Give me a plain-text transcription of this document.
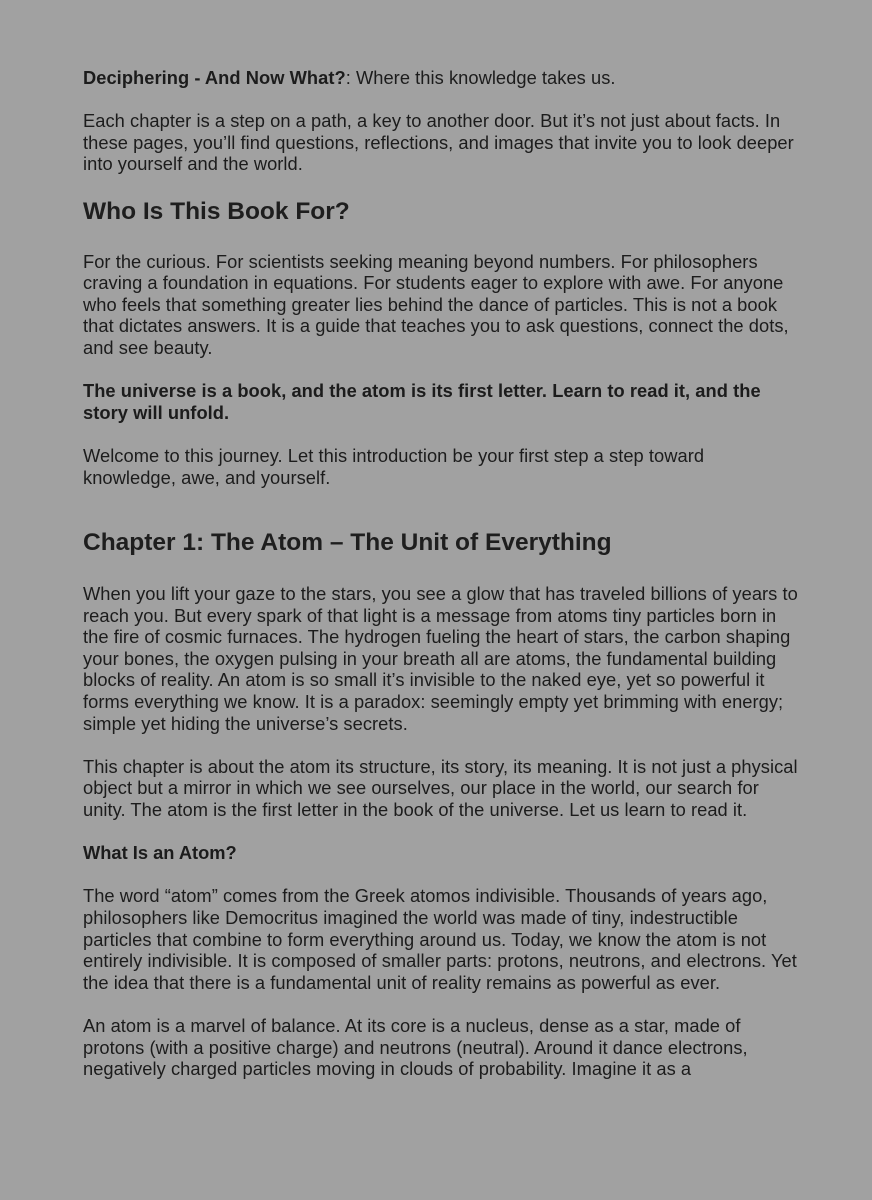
Deciphering - And Now What?: Where this knowledge takes us.

Each chapter is a step on a path, a key to another door. But it’s not just about facts. In these pages, you’ll find questions, reflections, and images that invite you to look deeper into yourself and the world.

Who Is This Book For?

For the curious. For scientists seeking meaning beyond numbers. For philosophers craving a foundation in equations. For students eager to explore with awe. For anyone who feels that something greater lies behind the dance of particles. This is not a book that dictates answers. It is a guide that teaches you to ask questions, connect the dots, and see beauty.

The universe is a book, and the atom is its first letter. Learn to read it, and the story will unfold.

Welcome to this journey. Let this introduction be your first step a step toward knowledge, awe, and yourself.

Chapter 1: The Atom – The Unit of Everything

When you lift your gaze to the stars, you see a glow that has traveled billions of years to reach you. But every spark of that light is a message from atoms tiny particles born in the fire of cosmic furnaces. The hydrogen fueling the heart of stars, the carbon shaping your bones, the oxygen pulsing in your breath all are atoms, the fundamental building blocks of reality. An atom is so small it’s invisible to the naked eye, yet so powerful it forms everything we know. It is a paradox: seemingly empty yet brimming with energy; simple yet hiding the universe’s secrets.

This chapter is about the atom its structure, its story, its meaning. It is not just a physical object but a mirror in which we see ourselves, our place in the world, our search for unity. The atom is the first letter in the book of the universe. Let us learn to read it.

What Is an Atom?

The word “atom” comes from the Greek atomos indivisible. Thousands of years ago, philosophers like Democritus imagined the world was made of tiny, indestructible particles that combine to form everything around us. Today, we know the atom is not entirely indivisible. It is composed of smaller parts: protons, neutrons, and electrons. Yet the idea that there is a fundamental unit of reality remains as powerful as ever.

An atom is a marvel of balance. At its core is a nucleus, dense as a star, made of protons (with a positive charge) and neutrons (neutral). Around it dance electrons, negatively charged particles moving in clouds of probability. Imagine it as a
